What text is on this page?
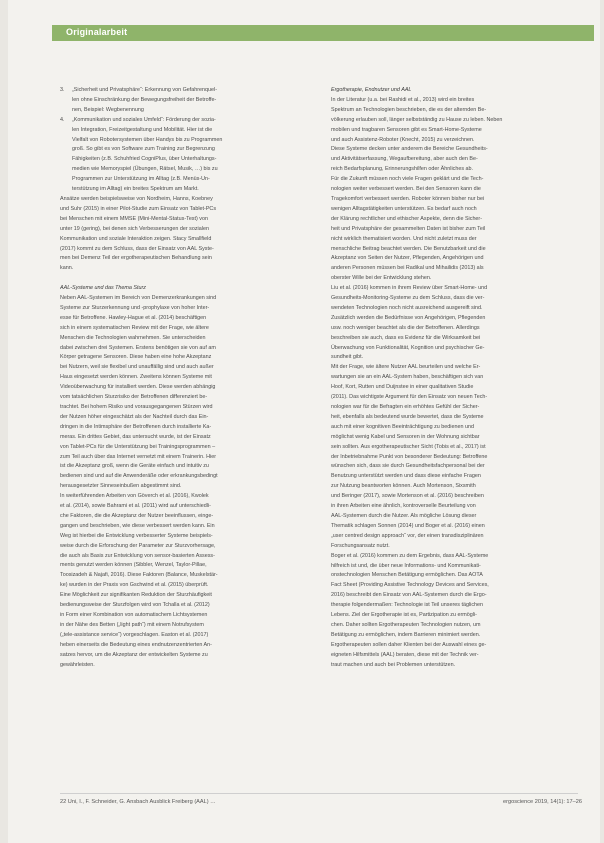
Originalarbeit
3. „Sicherheit und Privatsphäre“: Erkennung von Gefahrenquel-
len ohne Einschränkung der Bewegungsfreiheit der Betroffe-
nen, Beispiel: Wegbenennung
4. „Kommunikation und soziales Umfeld“: Förderung der sozia-
len Integration, Freizeitgestaltung und Mobilität. Hier ist die
Vielfalt von Robotersystemen über Handys bis zu Programmen
groß. So gibt es von Software zum Training zur Begrenzung
Fähigkeiten (z.B. Schuhfried CogniPlus, über Unterhaltungs-
medien wie Memoryspiel (Übungen, Rätsel, Musik, …) bis zu
Programmen zur Unterstützung im Alltag (z.B. Menüs-Un-
terstützung im Alltag) ein breites Spektrum am Markt.
Ansätze werden beispielsweise von Nordheim, Hanns, Koebney
und Suhr (2015) in einer Pilot-Studie zum Einsatz von Tablet-PCs
bei Menschen mit einem MMSE (Mini-Mental-Status-Test) von
unter 19 (gering), bei denen sich Verbesserungen der sozialen
Kommunikation und soziale Interaktion zeigen. Stacy Smallfield
(2017) kommt zu dem Schluss, dass der Einsatz von AAL Syste-
men bei Demenz Teil der ergotherapeutischen Behandlung sein
kann.
AAL-Systeme und das Thema Sturz
Neben AAL-Systemen im Bereich von Demenzerkrankungen sind
Systeme zur Sturzerkennung und -prophylaxe von hoher Inter-
esse für Betroffene. Hawley-Hague et al. (2014) beschäftigen
sich in einem systematischen Review mit der Frage, wie ältere
Menschen die Technologien wahrnehmen. Sie unterscheiden
dabei zwischen drei Systemen. Erstens benötigen sie von auf am
Körper getragene Sensoren. Diese haben eine hohe Akzeptanz
bei Nutzern, weil sie flexibel und unauffällig sind und auch außer
Haus eingesetzt werden können. Zweitens können Systeme mit
Videoüberwachung für installiert werden. Diese werden abhängig
vom tatsächlichen Sturzrisiko der Betroffenen differenziert be-
trachtet. Bei hohem Risiko und vorausgegangenen Stürzen wird
der Nutzen höher eingeschätzt als der Nachteil durch das Ein-
dringen in die Intimsphäre der Betroffenen durch installierte Ka-
meras. Ein drittes Gebiet, das untersucht wurde, ist der Einsatz
von Tablet-PCs für die Unterstützung bei Trainingsprogrammen –
zum Teil auch über das Internet vernetzt mit einem Trainerin. Hier
ist die Akzeptanz groß, wenn die Geräte einfach und intuitiv zu
bedienen sind und auf die Anwenderäße oder erkrankungsbedingt
herausgesetzter Sinneseinbußen abgestimmt sind.
In weiterführenden Arbeiten von Göverch et al. (2016), Kwolek
et al. (2014), sowie Bahrami et al. (2011) wird auf unterschiedli-
che Faktoren, die die Akzeptanz der Nutzer beeinflussen, einge-
gangen und beschrieben, wie diese verbessert werden kann. Ein
Weg ist hierbei die Entwicklung verbesserter Systeme beispiels-
weise durch die Erforschung der Parameter zur Sturzvorhersage,
die auch als Basis zur Entwicklung von sensor-basierten Assess-
ments genutzt werden können (Sibbler, Wenzel, Taylor-Pillae,
Toosizadeh & Najafi, 2016). Diese Faktoren (Balance, Muskelstär-
ke) wurden in der Praxis von Gschwind et al. (2015) überprüft.
Eine Möglichkeit zur signifikanten Reduktion der Sturzhäufigkeit
bedienungsweise der Sturzfolgen wird von Tchalla et al. (2012)
in Form einer Kombination von automatischem Lichtsystemen
in der Nähe des Betten („light path“) mit einem Notrufsystem
(„tele-assistance service“) vorgeschlagen. Easton et al. (2017)
heben einerseits die Bedeutung eines endnutzenzentrierten An-
satzes hervor, um die Akzeptanz der entwickelten Systeme zu
gewährleisten.
Ergotherapie, Endnutzer und AAL
In der Literatur (u.a. bei Rashidi et al., 2013) wird ein breites
Spektrum an Technologien beschrieben, die es der alternden Be-
völkerung erlauben soll, länger selbstständig zu Hause zu leben. Neben
mobilen und tragbaren Sensoren gibt es Smart-Home-Systeme
und auch Assistenz-Roboter (Knecht, 2015) zu verzeichnen.
Diese Systeme decken unter anderem die Bereiche Gesundheits-
und Aktivitätserfassung, Wegaufbereitung, aber auch den Be-
reich Bedarfsplanung, Erinnerungshilfen oder Ähnliches ab.
Für die Zukunft müssen noch viele Fragen geklärt und die Tech-
nologien weiter verbessert werden. Bei den Sensoren kann die
Tragekomfort verbessert werden. Roboter können bisher nur bei
wenigen Alltagstätigkeiten unterstützen. Es bedarf auch noch
der Klärung rechtlicher und ethischer Aspekte, denn die Sicher-
heit und Privatsphäre der gesammelten Daten ist bisher zum Teil
nicht wirklich thematisiert worden. Und nicht zuletzt muss der
menschliche Beitrag beachtet werden. Die Benutzbarkeit und die
Akzeptanz von Seiten der Nutzer, Pflegenden, Angehörigen und
anderen Personen müssen bei Radikal und Mihailidis (2013) als
oberster Wille bei der Entwicklung stehen.
Liu et al. (2016) kommen in ihrem Review über Smart-Home- und
Gesundheits-Monitoring-Systeme zu dem Schluss, dass die ver-
wendeten Technologien noch nicht ausreichend ausgereift sind.
Zusätzlich werden die Bedürfnisse von Angehörigen, Pflegenden
usw. noch weniger beachtet als die der Betroffenen. Allerdings
beschreiben sie auch, dass es Evidenz für die Wirksamkeit bei
Überwachung von Funktionalität, Kognition und psychischer Ge-
sundheit gibt.
Mit der Frage, wie ältere Nutzer AAL beurteilen und welche Er-
wartungen sie an ein AAL-System haben, beschäftigen sich van
Hoof, Kort, Rutten und Duijnstee in einer qualitativen Studie
(2011). Das wichtigste Argument für den Einsatz von neuen Tech-
nologien war für die Befragten ein erhöhtes Gefühl der Sicher-
heit, ebenfalls als bedeutend wurde bewertet, dass die Systeme
auch mit einer kognitiven Beeinträchtigung zu bedienen und
möglichst wenig Kabel und Sensoren in der Wohnung sichtbar
sein sollten. Aus ergotherapeutischer Sicht (Tobis et al., 2017) ist
der Inbetriebnahme Punkt von besonderer Bedeutung: Betroffene
wünschen sich, dass sie durch Gesundheitsfachpersonal bei der
Benutzung unterstützt werden und dass diese einfache Fragen
zur Nutzung beantworten können. Auch Mortenson, Sixsmith
und Beringer (2017), sowie Mortenson et al. (2016) beschreiben
in ihren Arbeiten eine ähnlich, kontroverselle Beurteilung von
AAL-Systemen durch die Nutzer. Als mögliche Lösung dieser
Thematik schlagen Sonnen (2014) und Boger et al. (2016) einen
„user centred design approach“ vor, der einen transdisziplinären
Forschungsansatz nutzt.
Boger et al. (2016) kommen zu dem Ergebnis, dass AAL-Systeme
hilfreich ist und, die über neue Informations- und Kommunikati-
onstechnologien Menschen Betätigung ermöglichen. Das AOTA
Fact Sheet (Providing Assistive Technology Devices and Services,
2016) beschreibt den Einsatz von AAL-Systemen durch die Ergo-
therapie folgendermaßen: Technologie ist Teil unseres täglichen
Lebens. Ziel der Ergotherapie ist es, Partizipation zu ermögli-
chen. Daher sollten Ergotherapeuten Technologien nutzen, um
Betätigung zu ermöglichen, indem Barrieren minimiert werden.
Ergotherapeuten sollen daher Klienten bei der Auswahl eines ge-
eigneten Hilfsmittels (AAL) beraten, diese mit der Technik ver-
traut machen und auch bei Problemen unterstützen.
22 Uni, I., F. Schneider, G. Ansbach Ausblick Freiberg (AAL) …	ergoscience 2019, 14(1): 17–26
